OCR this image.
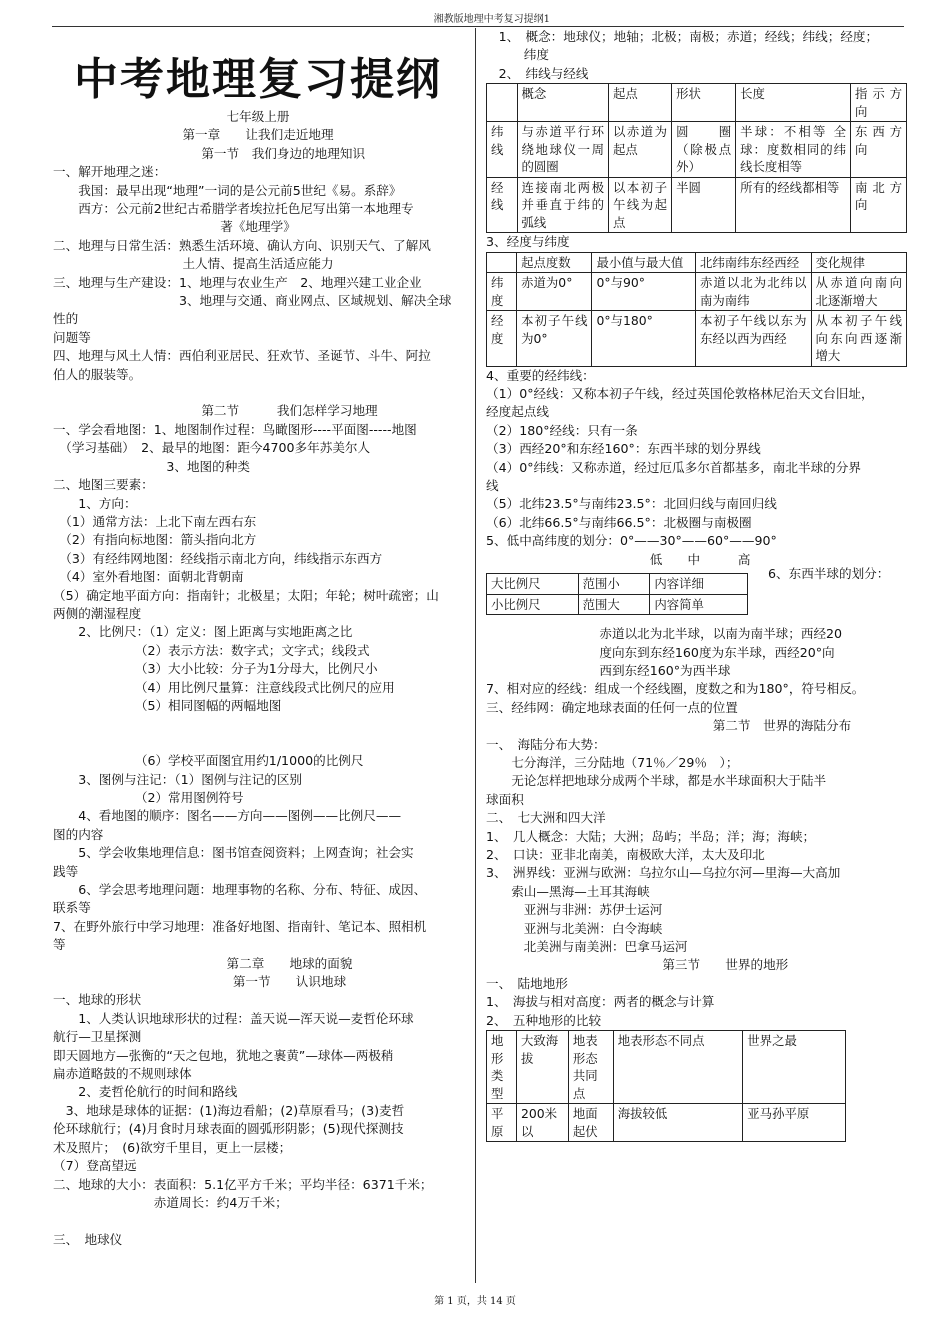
湘教版地理中考复习提纲1
中考地理复习提纲
七年级上册
第一章　　让我们走近地理
　　　　第一节　我们身边的地理知识
一、解开地理之迷：
　　我国：最早出现“地理”一词的是公元前5世纪《易。系辞》
　　西方：公元前2世纪古希腊学者埃拉托色尼写出第一本地理专
著《地理学》
二、地理与日常生活：熟悉生活环境、确认方向、识别天气、了解风
土人情、提高生活适应能力
三、地理与生产建设：1、地理与农业生产　2、地理兴建工业企业
　　　　　　　　　　3、地理与交通、商业网点、区域规划、解决全球性的
问题等
四、地理与风土人情：西伯利亚居民、狂欢节、圣诞节、斗牛、阿拉
伯人的服装等。
　　　　　第二节　　　我们怎样学习地理
一、学会看地图：1、地图制作过程：鸟瞰图形----平面图-----地图
　（学习基础）　2、最早的地图：距今4700多年苏美尔人
　　　　　　　　　3、地图的种类
二、地图三要素：
　　1、方向：
　（1）通常方法：上北下南左西右东
　（2）有指向标地图：箭头指向北方
　（3）有经纬网地图：经线指示南北方向，纬线指示东西方
　（4）室外看地图：面朝北背朝南
（5）确定地平面方向：指南针；北极星；太阳；年轮；树叶疏密；山
两侧的潮湿程度
　　2、比例尺：（1）定义：图上距离与实地距离之比
　　　　　　　（2）表示方法：数字式；文字式；线段式
　　　　　　　（3）大小比较：分子为1分母大，比例尺小
　　　　　　　（4）用比例尺量算：注意线段式比例尺的应用
　　　　　　　（5）相同图幅的两幅地图
　　　　　　　（6）学校平面图宜用约1/1000的比例尺
　　3、图例与注记：（1）图例与注记的区别
　　　　　　　（2）常用图例符号
　　4、看地图的顺序：图名——方向——图例——比例尺——
图的内容
　　5、学会收集地理信息：图书馆查阅资料；上网查询；社会实
践等
　　6、学会思考地理问题：地理事物的名称、分布、特征、成因、
联系等
7、在野外旅行中学习地理：准备好地图、指南针、笔记本、照相机
等
　　　　　第二章　　地球的面貌
　　　　　第一节　　认识地球
一、地球的形状
　　1、人类认识地球形状的过程：盖天说—浑天说—麦哲伦环球
航行—卫星探测
即天圆地方—张衡的“天之包地，犹地之裹黄”—球体—两极稍
扁赤道略鼓的不规则球体
　　2、麦哲伦航行的时间和路线
　3、地球是球体的证据：(1)海边看船；(2)草原看马；(3)麦哲
伦环球航行；(4)月食时月球表面的圆弧形阴影；(5)现代探测技
术及照片；　(6)欲穷千里目，更上一层楼；
（7）登高望远
二、地球的大小：表面积：5.1亿平方千米；平均半径：6371千米；
　　　　　　　　赤道周长：约4万千米；
三、　地球仪
　1、　概念：地球仪；地轴；北极；南极；赤道；经线；纬线；经度；
　　　纬度
　2、　纬线与经线
	概念	起点	形状	长度	指示方向
纬线	与赤道平行环绕地球仪一周的圆圈	以赤道为起点	圆　圈（除极点外）	半球：不相等 全球：度数相同的纬线长度相等	东西方向
经线	连接南北两极并垂直于纬的弧线	以本初子午线为起点	半圆	所有的经线都相等	南北方向
3、经度与纬度
	起点度数	最小值与最大值	北纬南纬东经西经	变化规律
纬度	赤道为0°	0°与90°	赤道以北为北纬以南为南纬	从赤道向南向北逐渐增大
经度	本初子午线为0°	0°与180°	本初子午线以东为东经以西为西经	从本初子午线向东向西逐渐增大
4、重要的经纬线：
（1）0°经线：又称本初子午线，经过英国伦敦格林尼治天文台旧址，
经度起点线
（2）180°经线：只有一条
（3）西经20°和东经160°：东西半球的划分界线
（4）0°纬线：又称赤道，经过厄瓜多尔首都基多，南北半球的分界
线
（5）北纬23.5°与南纬23.5°：北回归线与南回归线
（6）北纬66.5°与南纬66.5°：北极圈与南极圈
5、低中高纬度的划分：0°——30°——60°——90°
　　　　　　　　　　　　　低　　中　　　高
大比例尺	范围小	内容详细
小比例尺	范围大	内容简单
6、东西半球的划分：
　　　　　　　　　赤道以北为北半球，以南为南半球；西经20
　　　　　　　　　度向东到东经160度为东半球，西经20°向
　　　　　　　　　西到东经160°为西半球
7、相对应的经线：组成一个经线圈，度数之和为180°，符号相反。
三、经纬网：确定地球表面的任何一点的位置
　　　　　　　　　　　　　　　　　　第二节　世界的海陆分布
一、　海陆分布大势：
　　七分海洋，三分陆地（71％／29％　）；
　　无论怎样把地球分成两个半球，都是水半球面积大于陆半
球面积
二、　七大洲和四大洋
1、　几人概念：大陆；大洲；岛屿；半岛；洋；海；海峡；
2、　口诀：亚非北南美，南极欧大洋，太大及印北
3、　洲界线：亚洲与欧洲：乌拉尔山—乌拉尔河—里海—大高加
　　索山—黑海—土耳其海峡
　　　亚洲与非洲：苏伊士运河
　　　亚洲与北美洲：白令海峡
　　　北美洲与南美洲：巴拿马运河
　　　　　　　　　　　　　　第三节　　世界的地形
一、　陆地地形
1、　海拔与相对高度：两者的概念与计算
2、　五种地形的比较
地形类型	大致海拔	地表形态共同点	地表形态不同点	世界之最
平原	200米以	地面起伏	海拔较低	亚马孙平原
第 1 页，共 14 页
